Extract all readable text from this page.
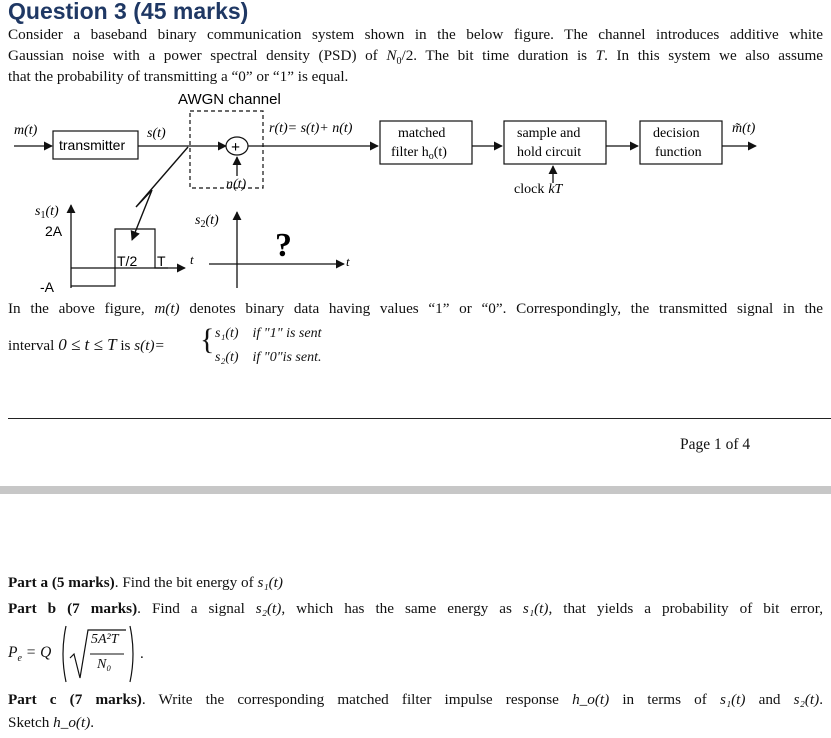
Question 3 (45 marks)
Consider a baseband binary communication system shown in the below figure. The channel introduces additive white
Gaussian noise with a power spectral density (PSD) of $N_0/2$. The bit time duration is T. In this system we also assume
that the probability of transmitting a “0” or “1” is equal.
AWGN channel
m(t)
transmitter
s(t)
+
n(t)
r(t)= s(t)+ n(t)	matched
filter $h_o(t)$
sample and
hold circuit
clock kT
decision
function
m̃(t)
$s_1(t)$
2A
-A
T/2 T t
$s_2(t)$
t
?
In the above figure, m(t) denotes binary data having values “1” or “0”. Correspondingly, the transmitted signal in the
interval 0 ≤ t ≤ T is s(t)= { s₁(t) if "1" is sent
s₂(t) if "0"is sent.
Page 1 of 4
Part a (5 marks). Find the bit energy of s₁(t)
Part b (7 marks). Find a signal s₂(t), which has the same energy as s₁(t), that yields a probability of bit error,
$P_e = Q$
5A²T
N₀
.
Part c (7 marks). Write the corresponding matched filter impulse response h_o(t) in terms of s₁(t) and s₂(t).
Sketch h_o(t).
